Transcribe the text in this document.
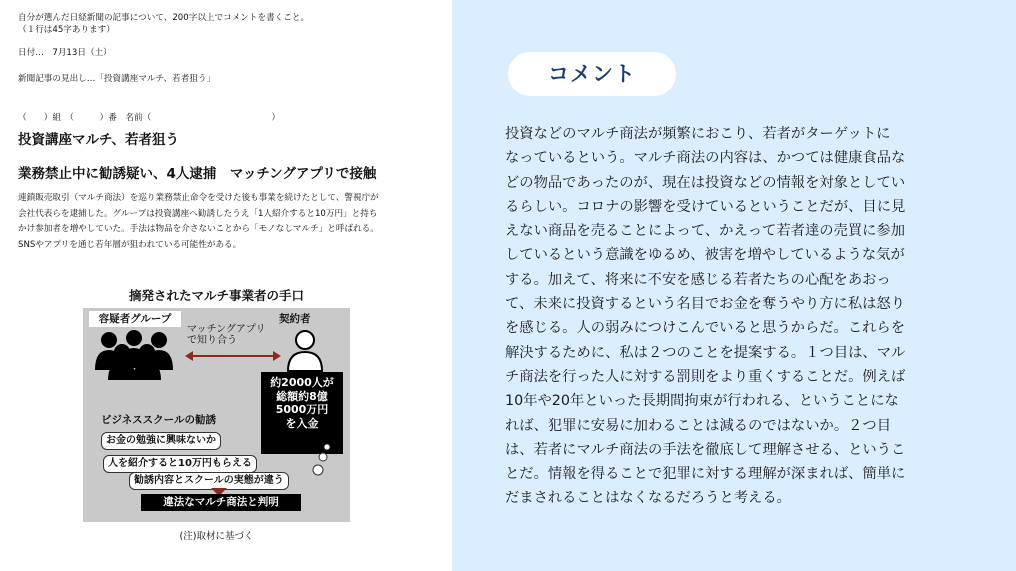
自分が選んだ日経新聞の記事について、200字以上でコメントを書くこと。
（１行は45字あります）
日付…　7月13日（土）
新聞記事の見出し…「投資講座マルチ、若者狙う」
（　　）組　（　　　）番　名前（　　　　　　　　　　　　　　）
投資講座マルチ、若者狙う
業務禁止中に勧誘疑い、4人逮捕　マッチングアプリで接触
連鎖販売取引（マルチ商法）を巡り業務禁止命令を受けた後も事業を続けたとして、警視庁が
会社代表らを逮捕した。グループは投資講座へ勧誘したうえ「1人紹介すると10万円」と持ち
かけ参加者を増やしていた。手法は物品を介さないことから「モノなしマルチ」と呼ばれる。
SNSやアプリを通じ若年層が狙われている可能性がある。
摘発されたマルチ事業者の手口
容疑者グループ	契約者
マッチングアプリ
で知り合う
約2000人が
総額約8億
5000万円
を入金
ビジネススクールの勧誘
お金の勉強に興味ないか
人を紹介すると10万円もらえる
勧誘内容とスクールの実態が違う
違法なマルチ商法と判明
(注)取材に基づく
コメント
投資などのマルチ商法が頻繁におこり、若者がターゲットに
なっているという。マルチ商法の内容は、かつては健康食品な
どの物品であったのが、現在は投資などの情報を対象としてい
るらしい。コロナの影響を受けているということだが、目に見
えない商品を売ることによって、かえって若者達の売買に参加
しているという意識をゆるめ、被害を増やしているような気が
する。加えて、将来に不安を感じる若者たちの心配をあおっ
て、未来に投資するという名目でお金を奪うやり方に私は怒り
を感じる。人の弱みにつけこんでいると思うからだ。これらを
解決するために、私は２つのことを提案する。１つ目は、マル
チ商法を行った人に対する罰則をより重くすることだ。例えば
10年や20年といった長期間拘束が行われる、ということにな
れば、犯罪に安易に加わることは減るのではないか。２つ目
は、若者にマルチ商法の手法を徹底して理解させる、というこ
とだ。情報を得ることで犯罪に対する理解が深まれば、簡単に
だまされることはなくなるだろうと考える。
